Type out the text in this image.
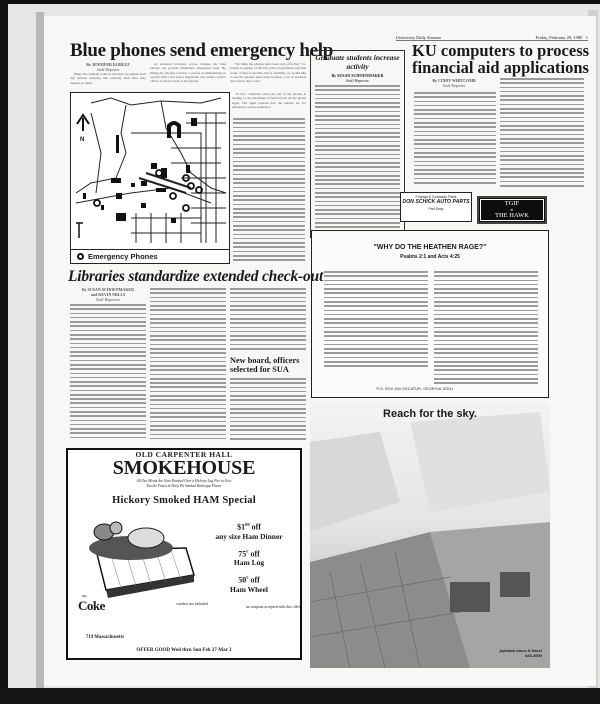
University Daily Kansan	Friday, February 29, 1980 1
Blue phones send emergency help
By JENNIFER KOBLEZ
Staff Reporter

Many KU students walk by the blue on-campus each day without realizing that someday their lives may depend on them.

At scattered locations across campus, the blue phones can provide immediate emergency help. By lifting the phone's receiver a person is immediately in contact with a KU police dispatcher who sends a police officer to the location of that phone.

"We think the phones have been very effective," Lt. Jeanne Longaker of the KU police department said this week. "I hate to use this, but, if anything, we would like to see the phones used more because a lot of students don't know they exist."

In fact, confusion about the use of the phones is leading to the placement of instructions on the phone signs. The signs explain that the phones are for emergency police assistance.

N
Emergency Phones
Graduate students increase activity
By SUSAN SCHOENMAKER
Staff Reporter
KU computers to process financial aid applications
By CINDY WHITCOMB
Staff Reporter
Foreign & Domestic Parts
DON SCHICK AUTO PARTS
Part Shop
TGIF
at
THE HAWK
"WHY DO THE HEATHEN RAGE?"
Psalms 2:1 and Acts 4:25
P.O. BOX 600 DECATUR, GEORGIA 30031
Libraries standardize extended check-out
By SUSAN SCHOENMAKER
and KEVIN MILLS
Staff Reporters
New board, officers selected for SUA
OLD CARPENTER HALL
SMOKEHOUSE
All Our Meats Are Slow Roasted Over a Hickory Log Fire to Give
You the Finest in Deep Pit Smoked Barbeque Flavor
Hickory Smoked HAM Special
$\$1^{00}$ off
any size Ham Dinner
75¢ off
Ham Log
50¢ off
Ham Wheel
Enjoy
Coke	combos not included
no coupons accepted with this offer
719 Massachusetts
OFFER GOOD Wed thru Sun Feb 27-Mar 2
Reach for the sky.
jayhawk tours & travel
843-4000
